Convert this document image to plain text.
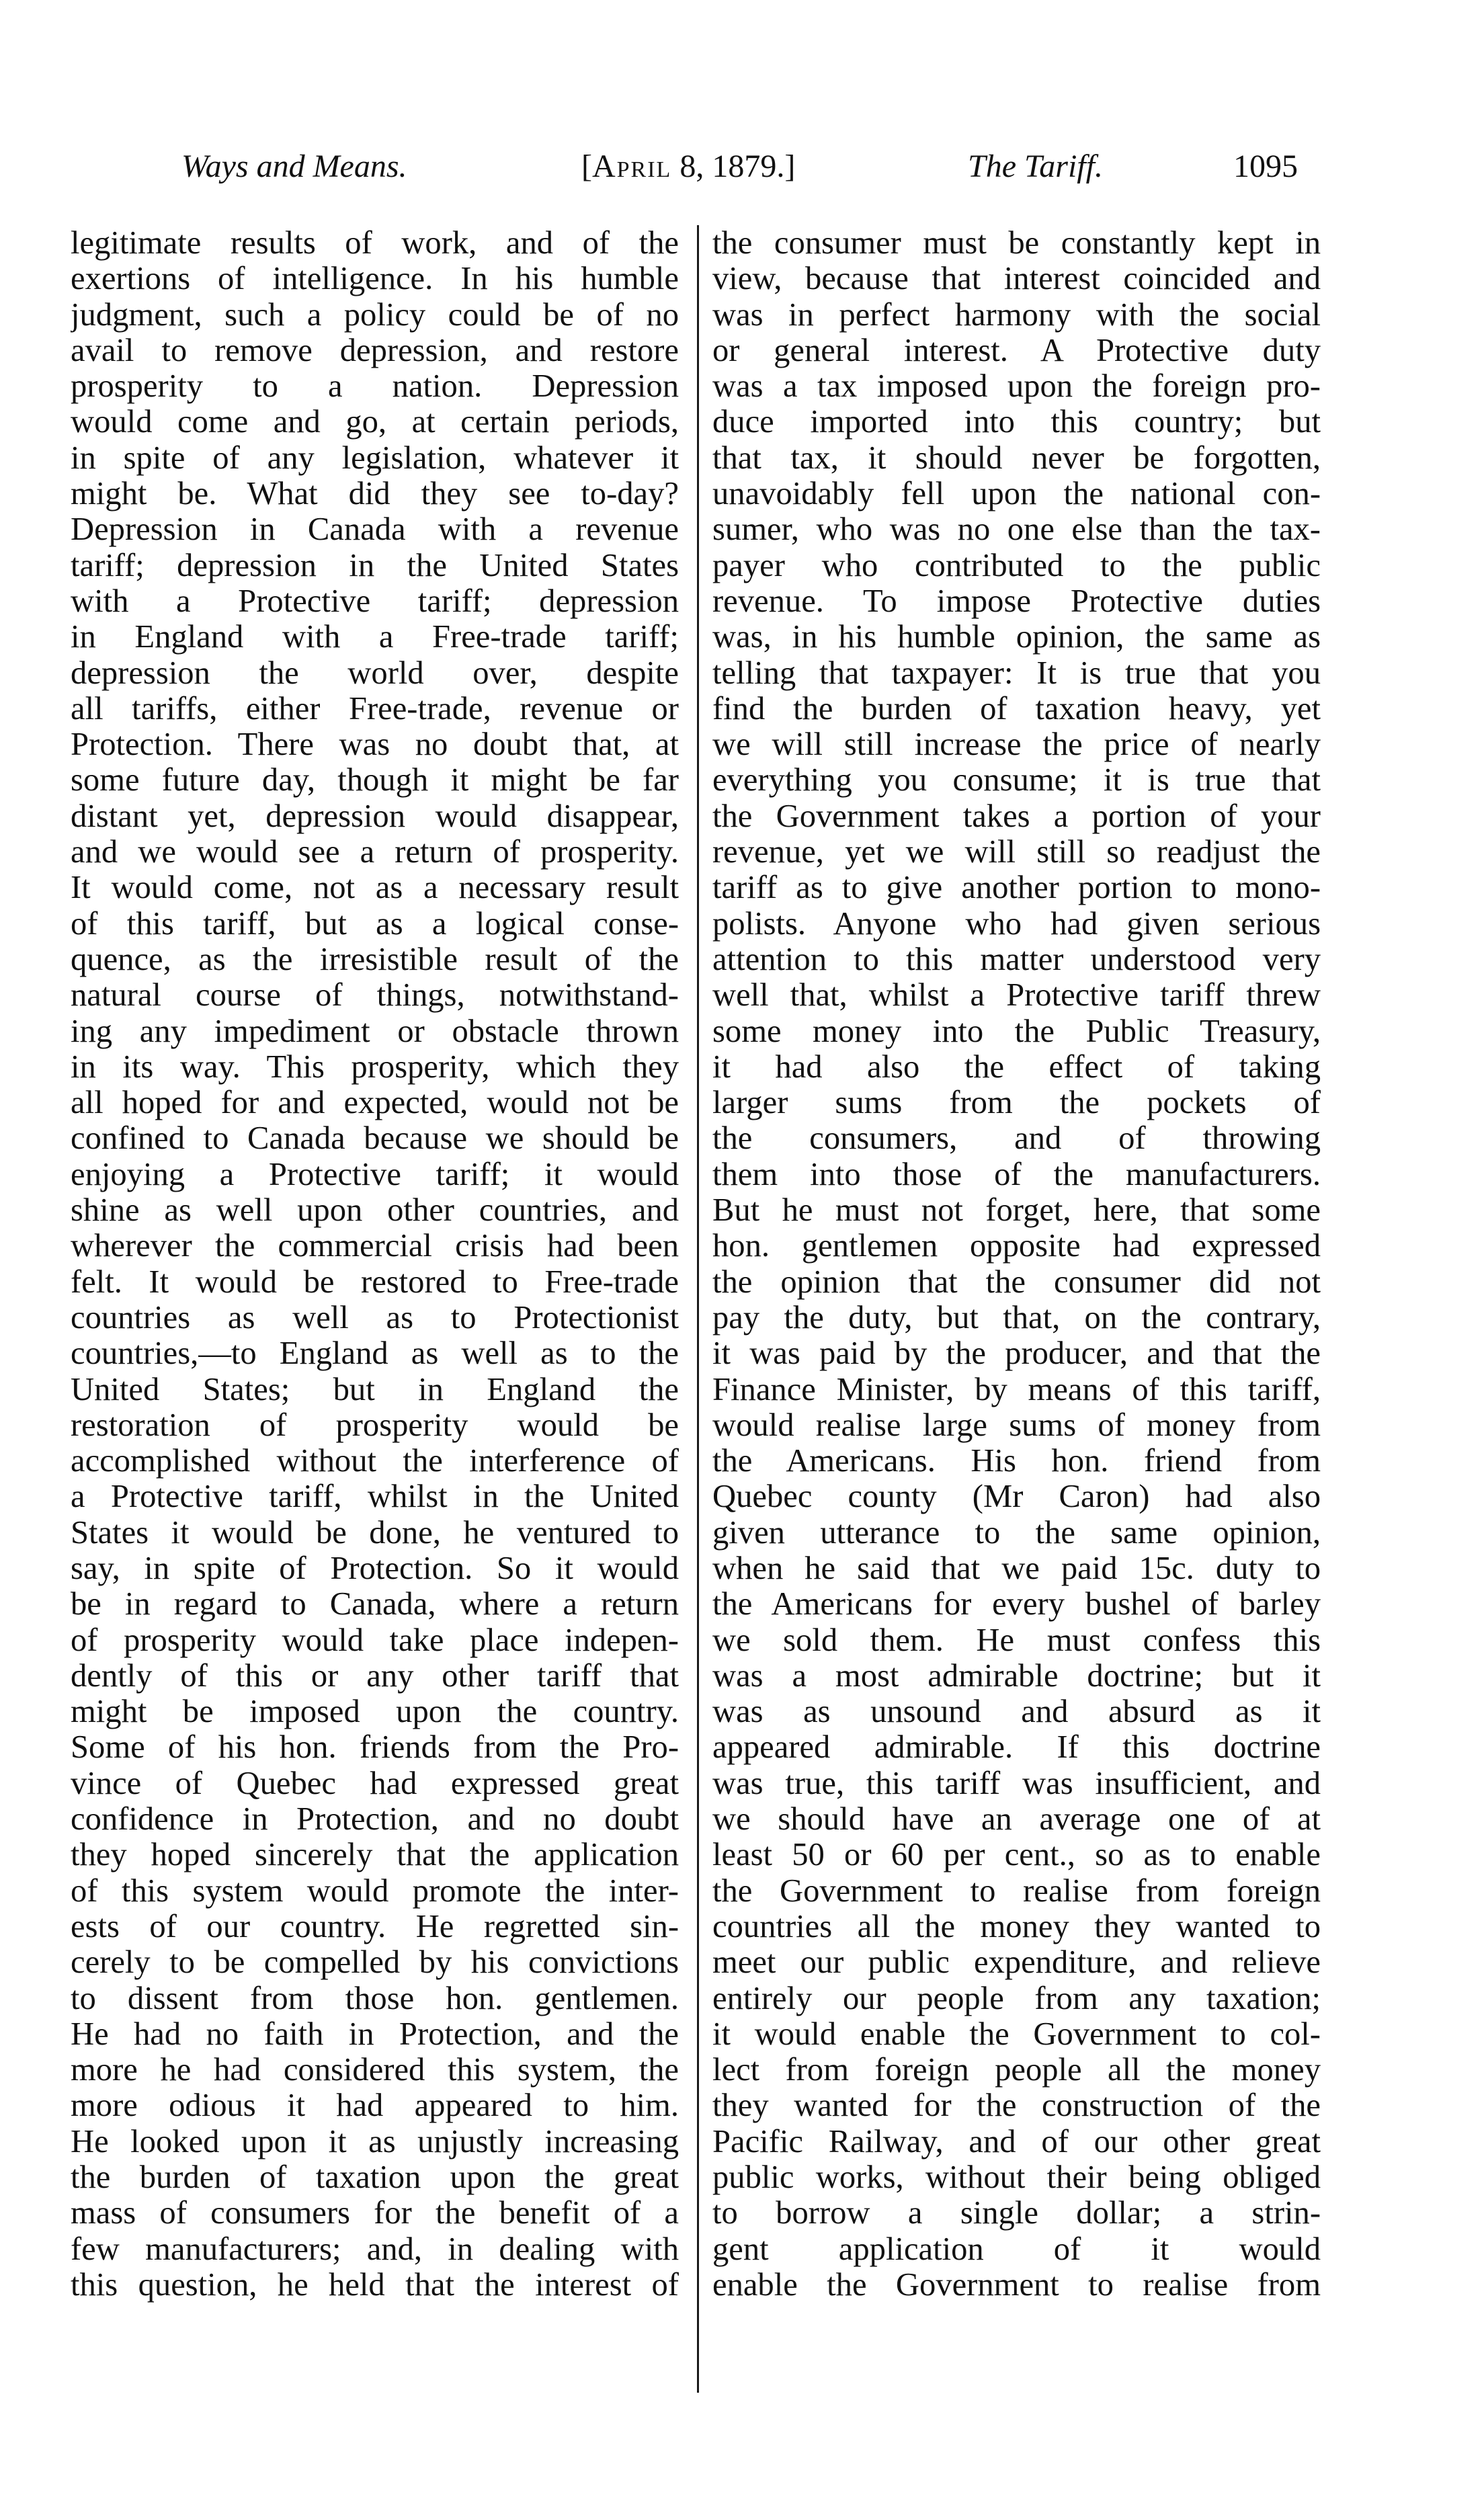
Ways and Means.	[April 8, 1879.]	The Tariff.	1095
legitimate results of work, and of the
exertions of intelligence. In his humble
judgment, such a policy could be of no
avail to remove depression, and restore
prosperity to a nation. Depression
would come and go, at certain periods,
in spite of any legislation, whatever it
might be. What did they see to-day?
Depression in Canada with a revenue
tariff; depression in the United States
with a Protective tariff; depression
in England with a Free-trade tariff;
depression the world over, despite
all tariffs, either Free-trade, revenue or
Protection. There was no doubt that, at
some future day, though it might be far
distant yet, depression would disappear,
and we would see a return of prosperity.
It would come, not as a necessary result
of this tariff, but as a logical conse-
quence, as the irresistible result of the
natural course of things, notwithstand-
ing any impediment or obstacle thrown
in its way. This prosperity, which they
all hoped for and expected, would not be
confined to Canada because we should be
enjoying a Protective tariff; it would
shine as well upon other countries, and
wherever the commercial crisis had been
felt. It would be restored to Free-trade
countries as well as to Protectionist
countries,—to England as well as to the
United States; but in England the
restoration of prosperity would be
accomplished without the interference of
a Protective tariff, whilst in the United
States it would be done, he ventured to
say, in spite of Protection. So it would
be in regard to Canada, where a return
of prosperity would take place indepen-
dently of this or any other tariff that
might be imposed upon the country.
Some of his hon. friends from the Pro-
vince of Quebec had expressed great
confidence in Protection, and no doubt
they hoped sincerely that the application
of this system would promote the inter-
ests of our country. He regretted sin-
cerely to be compelled by his convictions
to dissent from those hon. gentlemen.
He had no faith in Protection, and the
more he had considered this system, the
more odious it had appeared to him.
He looked upon it as unjustly increasing
the burden of taxation upon the great
mass of consumers for the benefit of a
few manufacturers; and, in dealing with
this question, he held that the interest of
the consumer must be constantly kept in
view, because that interest coincided and
was in perfect harmony with the social
or general interest. A Protective duty
was a tax imposed upon the foreign pro-
duce imported into this country; but
that tax, it should never be forgotten,
unavoidably fell upon the national con-
sumer, who was no one else than the tax-
payer who contributed to the public
revenue. To impose Protective duties
was, in his humble opinion, the same as
telling that taxpayer: It is true that you
find the burden of taxation heavy, yet
we will still increase the price of nearly
everything you consume; it is true that
the Government takes a portion of your
revenue, yet we will still so readjust the
tariff as to give another portion to mono-
polists. Anyone who had given serious
attention to this matter understood very
well that, whilst a Protective tariff threw
some money into the Public Treasury,
it had also the effect of taking
larger sums from the pockets of
the consumers, and of throwing
them into those of the manufacturers.
But he must not forget, here, that some
hon. gentlemen opposite had expressed
the opinion that the consumer did not
pay the duty, but that, on the contrary,
it was paid by the producer, and that the
Finance Minister, by means of this tariff,
would realise large sums of money from
the Americans. His hon. friend from
Quebec county (Mr Caron) had also
given utterance to the same opinion,
when he said that we paid 15c. duty to
the Americans for every bushel of barley
we sold them. He must confess this
was a most admirable doctrine; but it
was as unsound and absurd as it
appeared admirable. If this doctrine
was true, this tariff was insufficient, and
we should have an average one of at
least 50 or 60 per cent., so as to enable
the Government to realise from foreign
countries all the money they wanted to
meet our public expenditure, and relieve
entirely our people from any taxation;
it would enable the Government to col-
lect from foreign people all the money
they wanted for the construction of the
Pacific Railway, and of our other great
public works, without their being obliged
to borrow a single dollar; a strin-
gent application of it would
enable the Government to realise from
